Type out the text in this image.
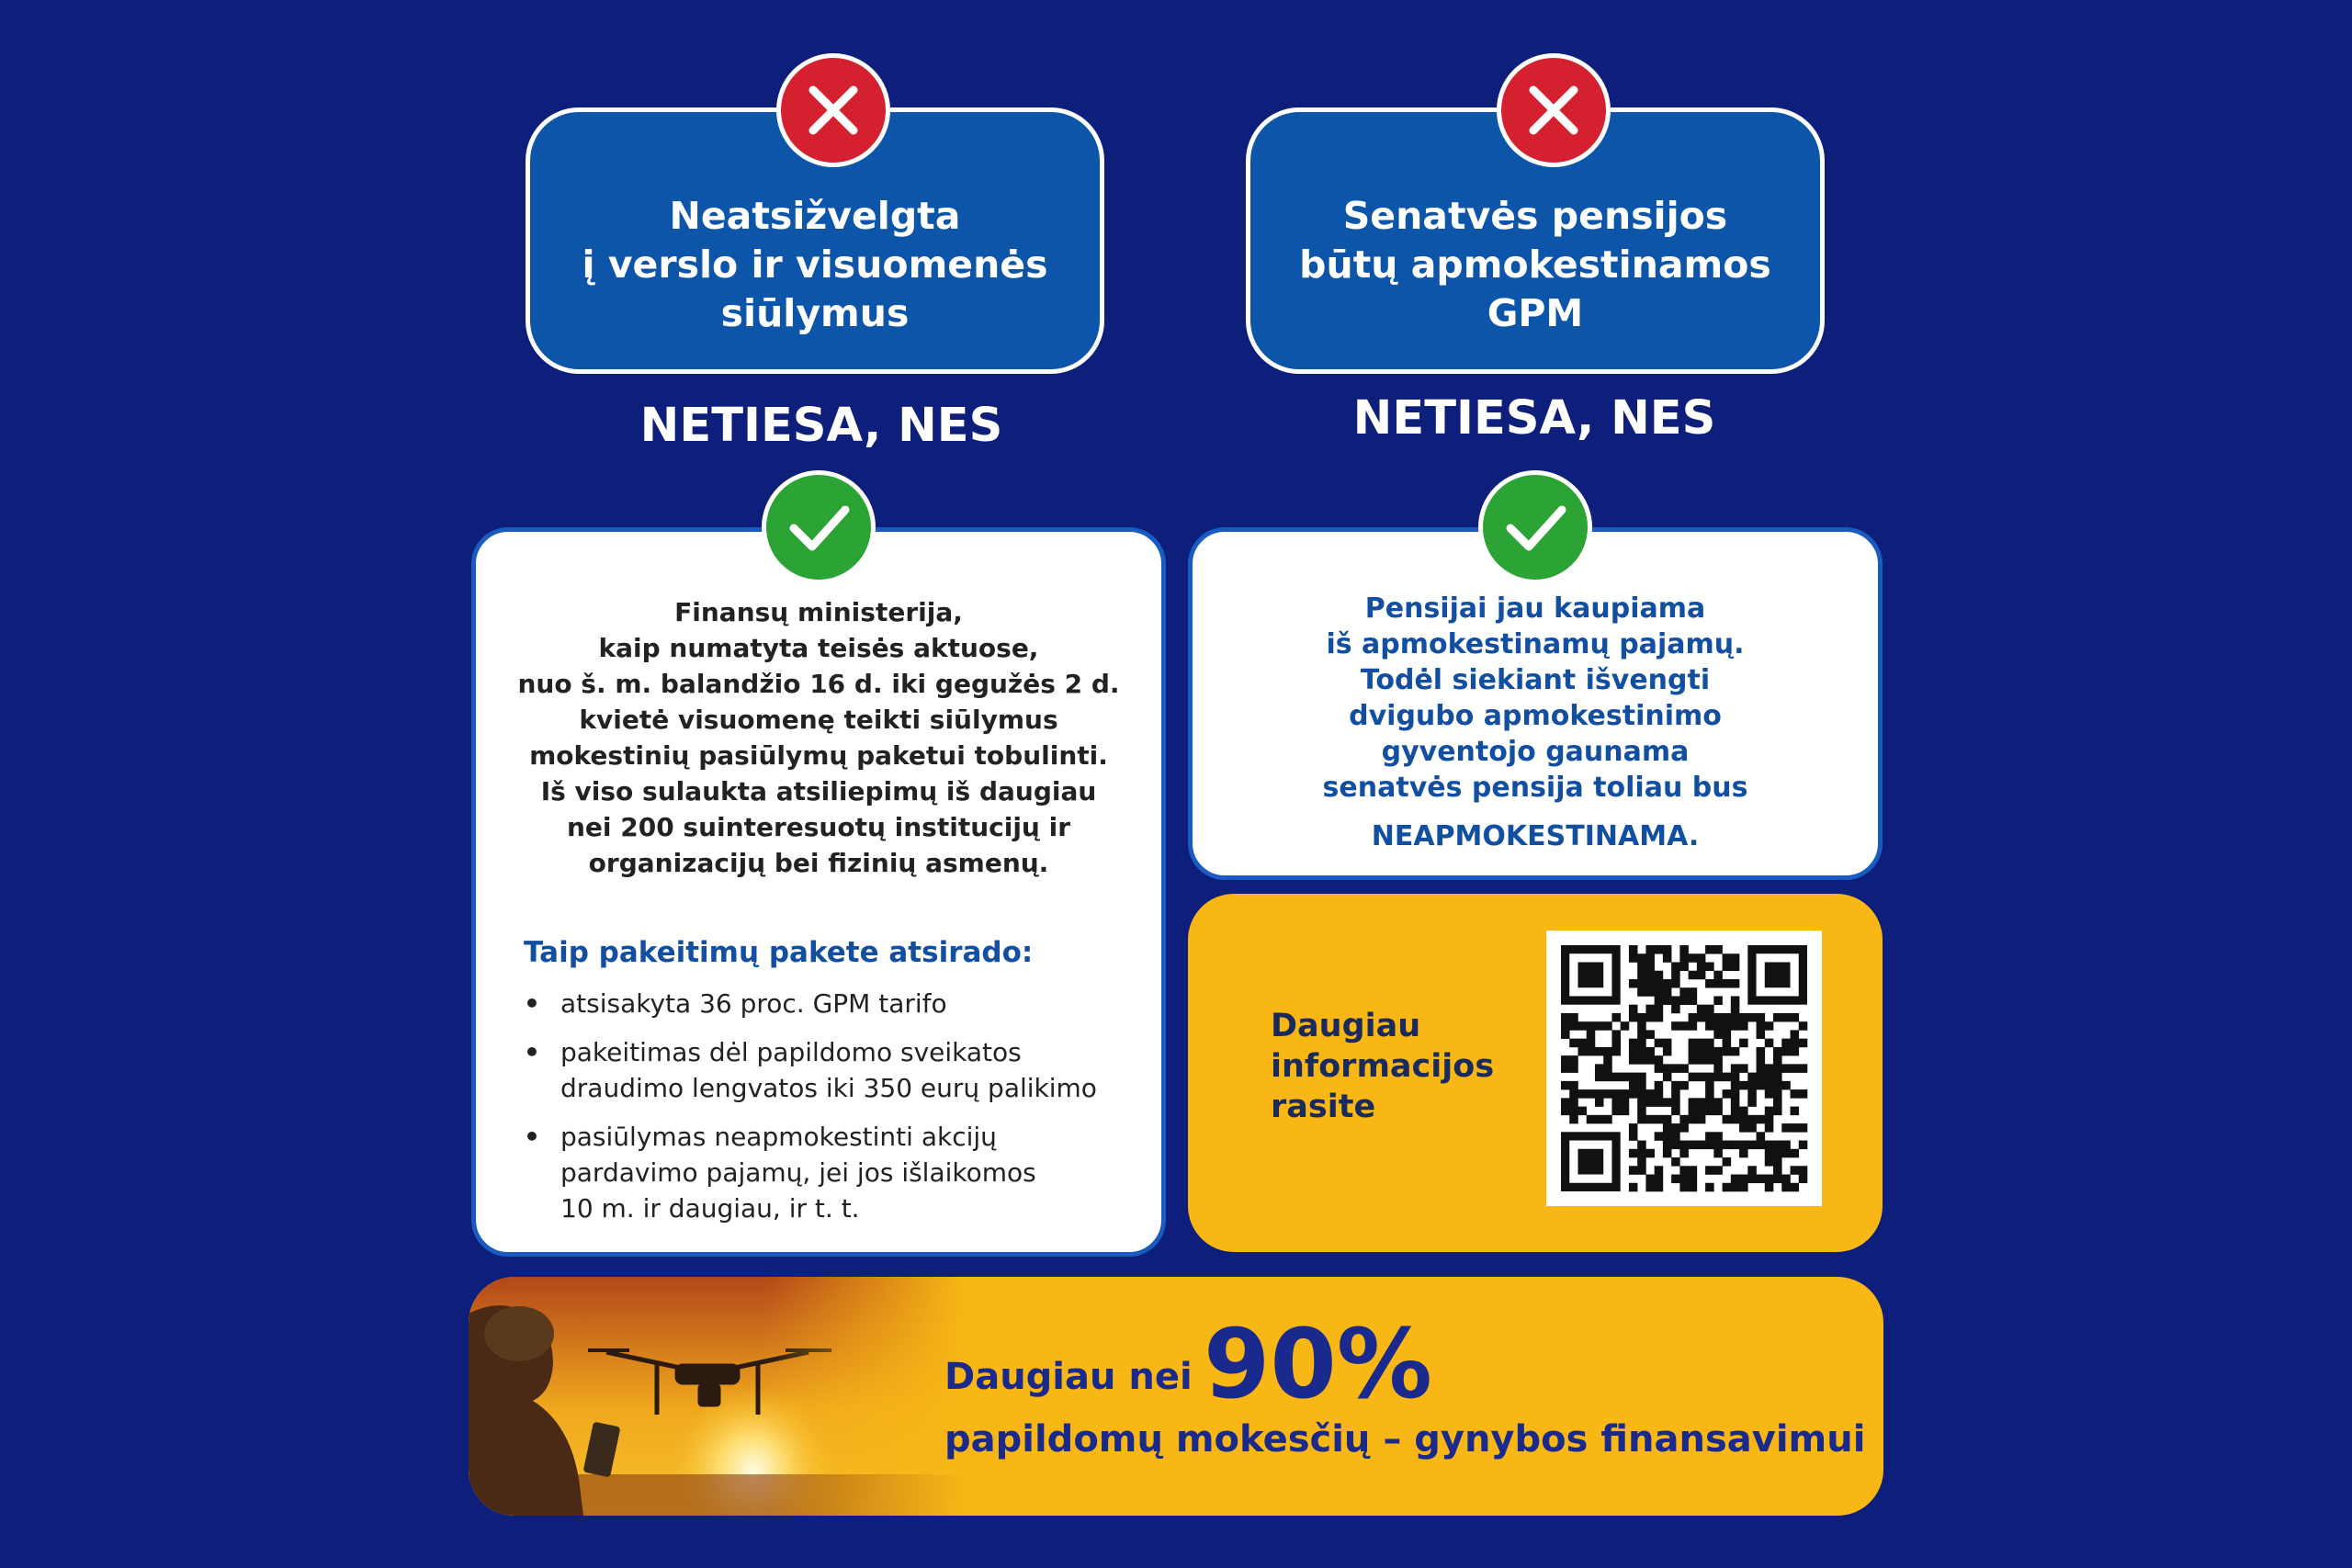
Neatsižvelgta
į verslo ir visuomenės
siūlymus
NETIESA, NES
Finansų ministerija,
kaip numatyta teisės aktuose,
nuo š. m. balandžio 16 d. iki gegužės 2 d.
kvietė visuomenę teikti siūlymus
mokestinių pasiūlymų paketui tobulinti.
Iš viso sulaukta atsiliepimų iš daugiau
nei 200 suinteresuotų institucijų ir
organizacijų bei fizinių asmenų.
Taip pakeitimų pakete atsirado:
• atsisakyta 36 proc. GPM tarifo
• pakeitimas dėl papildomo sveikatos
draudimo lengvatos iki 350 eurų palikimo
• pasiūlymas neapmokestinti akcijų
pardavimo pajamų, jei jos išlaikomos
10 m. ir daugiau, ir t. t.
Senatvės pensijos
būtų apmokestinamos
GPM
NETIESA, NES
Pensijai jau kaupiama
iš apmokestinamų pajamų.
Todėl siekiant išvengti
dvigubo apmokestinimo
gyventojo gaunama
senatvės pensija toliau bus
NEAPMOKESTINAMA.
Daugiau
informacijos
rasite
Daugiau nei 90%
papildomų mokesčių – gynybos finansavimui
